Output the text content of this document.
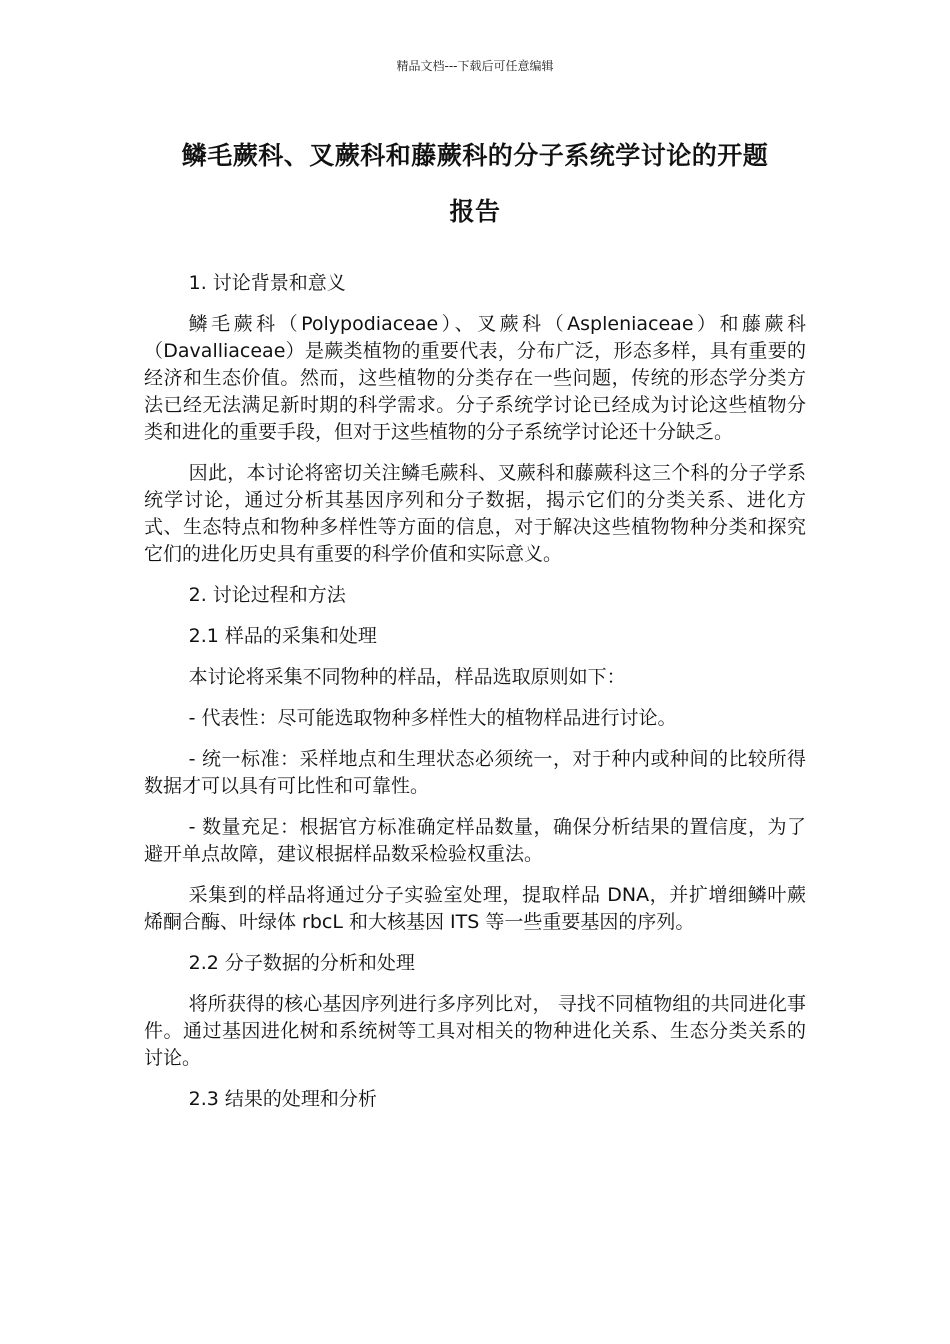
精品文档---下载后可任意编辑
鳞毛蕨科、叉蕨科和藤蕨科的分子系统学讨论的开题
报告

1. 讨论背景和意义

鳞毛蕨科（Polypodiaceae）、叉蕨科（Aspleniaceae）和藤蕨科（Davalliaceae）是蕨类植物的重要代表，分布广泛，形态多样，具有重要的经济和生态价值。然而，这些植物的分类存在一些问题，传统的形态学分类方法已经无法满足新时期的科学需求。分子系统学讨论已经成为讨论这些植物分类和进化的重要手段，但对于这些植物的分子系统学讨论还十分缺乏。

因此，本讨论将密切关注鳞毛蕨科、叉蕨科和藤蕨科这三个科的分子学系统学讨论，通过分析其基因序列和分子数据，揭示它们的分类关系、进化方式、生态特点和物种多样性等方面的信息，对于解决这些植物物种分类和探究它们的进化历史具有重要的科学价值和实际意义。

2. 讨论过程和方法

2.1 样品的采集和处理

本讨论将采集不同物种的样品，样品选取原则如下：

- 代表性：尽可能选取物种多样性大的植物样品进行讨论。

- 统一标准：采样地点和生理状态必须统一，对于种内或种间的比较所得数据才可以具有可比性和可靠性。

- 数量充足：根据官方标准确定样品数量，确保分析结果的置信度，为了避开单点故障，建议根据样品数采检验权重法。

采集到的样品将通过分子实验室处理，提取样品 DNA，并扩增细鳞叶蕨烯酮合酶、叶绿体 rbcL 和大核基因 ITS 等一些重要基因的序列。

2.2 分子数据的分析和处理

将所获得的核心基因序列进行多序列比对， 寻找不同植物组的共同进化事件。通过基因进化树和系统树等工具对相关的物种进化关系、生态分类关系的讨论。

2.3 结果的处理和分析
